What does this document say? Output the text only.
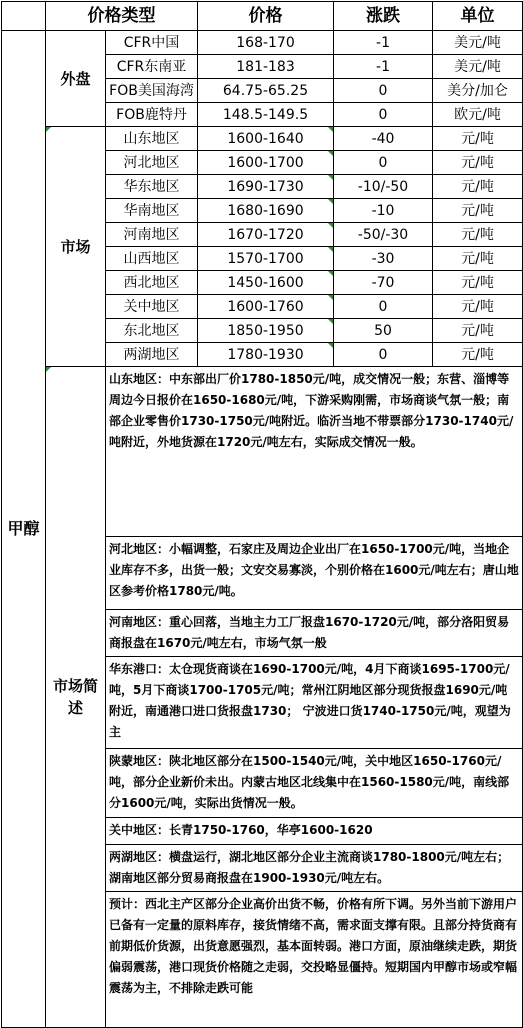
	价格类型		价格	涨跌	单位
甲醇	外盘	CFR中国	168-170	-1	美元/吨
		CFR东南亚	181-183	-1	美元/吨
		FOB美国海湾	64.75-65.25	0	美分/加仑
		FOB鹿特丹	148.5-149.5	0	欧元/吨
	市场	山东地区	1600-1640	-40	元/吨
		河北地区	1600-1700	0	元/吨
		华东地区	1690-1730	-10/-50	元/吨
		华南地区	1680-1690	-10	元/吨
		河南地区	1670-1720	-50/-30	元/吨
		山西地区	1570-1700	-30	元/吨
		西北地区	1450-1600	-70	元/吨
		关中地区	1600-1760	0	元/吨
		东北地区	1850-1950	50	元/吨
		两湖地区	1780-1930	0	元/吨
	市场简述	山东地区：中东部出厂价1780-1850元/吨，成交情况一般；东营、淄博等周边今日报价在1650-1680元/吨，下游采购刚需，市场商谈气氛一般；南部企业零售价1730-1750元/吨附近。临沂当地不带票部分1730-1740元/吨附近，外地货源在1720元/吨左右，实际成交情况一般。			
		河北地区：小幅调整，石家庄及周边企业出厂在1650-1700元/吨，当地企业库存不多，出货一般；文安交易寡淡，个别价格在1600元/吨左右；唐山地区参考价格1780元/吨。			
		河南地区：重心回落，当地主力工厂报盘1670-1720元/吨，部分洛阳贸易商报盘在1670元/吨左右，市场气氛一般			
		华东港口：太仓现货商谈在1690-1700元/吨，4月下商谈1695-1700元/吨，5月下商谈1700-1705元/吨；常州江阴地区部分现货报盘1690元/吨附近，南通港口进口货报盘1730； 宁波进口货1740-1750元/吨，观望为主			
		陕蒙地区：陕北地区部分在1500-1540元/吨，关中地区1650-1760元/吨，部分企业新价未出。内蒙古地区北线集中在1560-1580元/吨，南线部分1600元/吨，实际出货情况一般。			
		关中地区：长青1750-1760，华亭1600-1620			
		两湖地区：横盘运行，湖北地区部分企业主流商谈1780-1800元/吨左右；湖南地区部分贸易商报盘在1900-1930元/吨左右。			
		预计：西北主产区部分企业高价出货不畅，价格有所下调。另外当前下游用户已备有一定量的原料库存，接货情绪不高，需求面支撑有限。且部分持货商有前期低价货源，出货意愿强烈，基本面转弱。港口方面，原油继续走跌，期货偏弱震荡，港口现货价格随之走弱，交投略显僵持。短期国内甲醇市场或窄幅震荡为主，不排除走跌可能			
